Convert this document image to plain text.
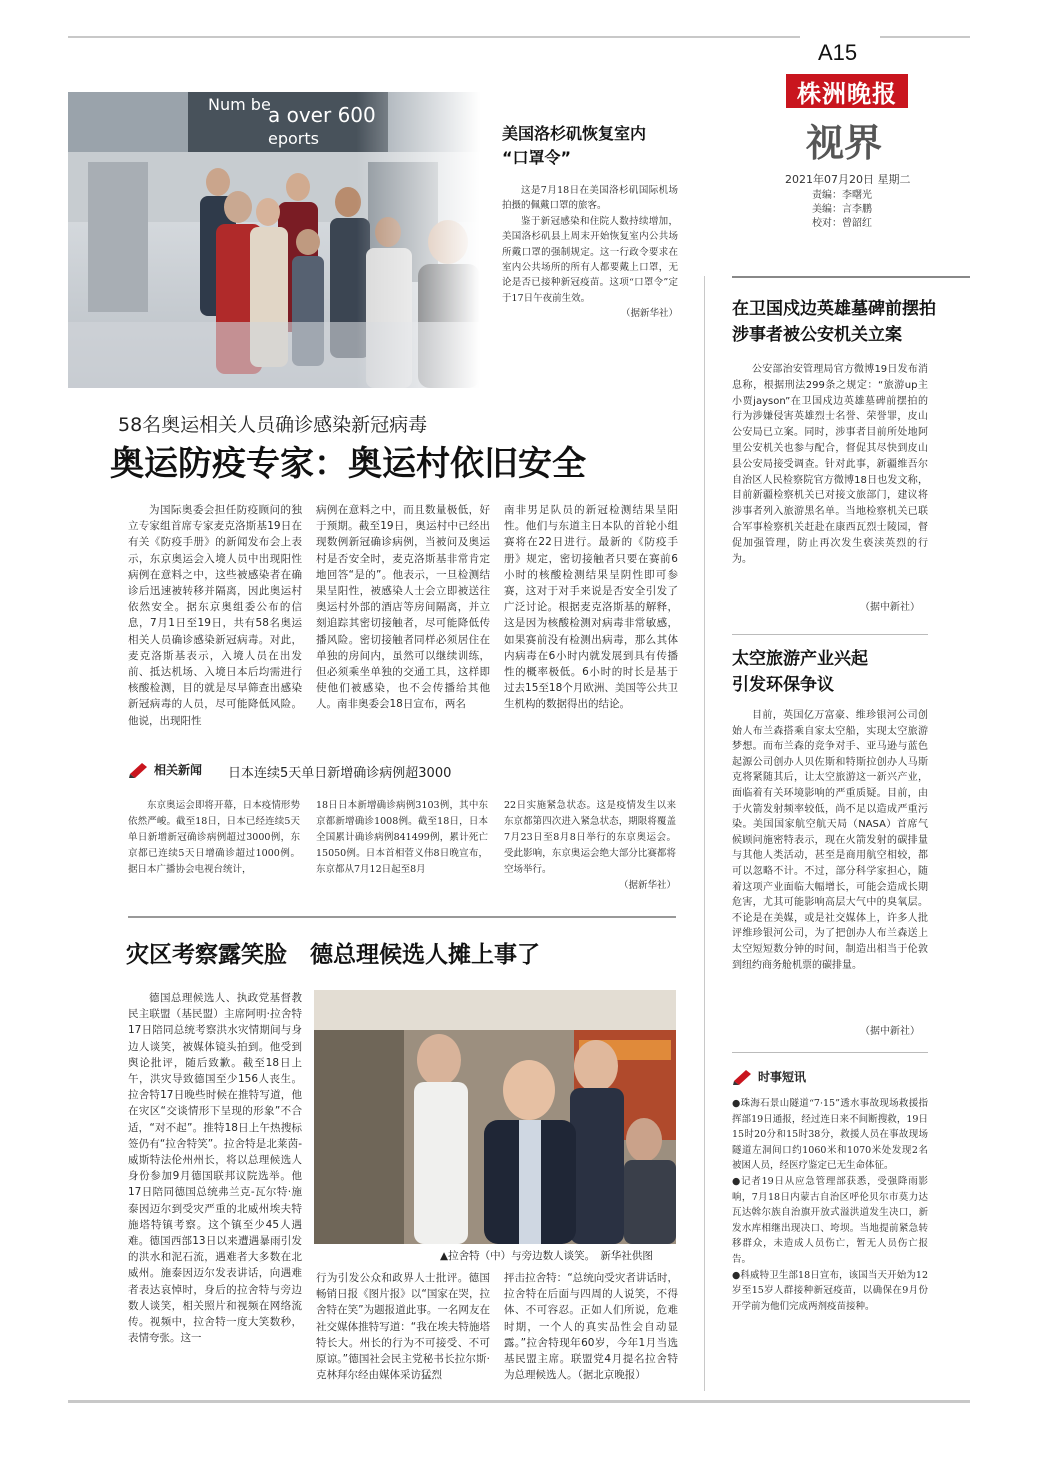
A15
株洲晚报
视界
2021年07月20日 星期二
责编：李曙光
美编：言李鹏
校对：曾韶红
Num be
a over 600
eports	美国洛杉矶恢复室内
“口罩令”

这是7月18日在美国洛杉矶国际机场拍摄的佩戴口罩的旅客。

鉴于新冠感染和住院人数持续增加，美国洛杉矶县上周末开始恢复室内公共场所戴口罩的强制规定。这一行政令要求在室内公共场所的所有人都要戴上口罩，无论是否已接种新冠疫苗。这项“口罩令”定于17日午夜前生效。

（据新华社）
58名奥运相关人员确诊感染新冠病毒
奥运防疫专家：奥运村依旧安全

为国际奥委会担任防疫顾问的独立专家组首席专家麦克洛斯基19日在有关《防疫手册》的新闻发布会上表示，东京奥运会入境人员中出现阳性病例在意料之中，这些被感染者在确诊后迅速被转移并隔离，因此奥运村依然安全。据东京奥组委公布的信息，7月1日至19日，共有58名奥运相关人员确诊感染新冠病毒。对此，麦克洛斯基表示，入境人员在出发前、抵达机场、入境日本后均需进行核酸检测，目的就是尽早筛查出感染新冠病毒的人员，尽可能降低风险。他说，出现阳性

病例在意料之中，而且数量极低，好于预期。截至19日，奥运村中已经出现数例新冠确诊病例，当被问及奥运村是否安全时，麦克洛斯基非常肯定地回答“是的”。他表示，一旦检测结果呈阳性，被感染人士会立即被送往奥运村外部的酒店等房间隔离，并立刻追踪其密切接触者，尽可能降低传播风险。密切接触者同样必须居住在单独的房间内，虽然可以继续训练，但必须乘坐单独的交通工具，这样即使他们被感染，也不会传播给其他人。南非奥委会18日宣布，两名

南非男足队员的新冠检测结果呈阳性。他们与东道主日本队的首轮小组赛将在22日进行。最新的《防疫手册》规定，密切接触者只要在赛前6小时的核酸检测结果呈阴性即可参赛，这对于对手来说是否安全引发了广泛讨论。根据麦克洛斯基的解释，这是因为核酸检测对病毒非常敏感，如果赛前没有检测出病毒，那么其体内病毒在6小时内就发展到具有传播性的概率极低。6小时的时长是基于过去15至18个月欧洲、美国等公共卫生机构的数据得出的结论。

相关新闻 日本连续5天单日新增确诊病例超3000

东京奥运会即将开幕，日本疫情形势依然严峻。截至18日，日本已经连续5天单日新增新冠确诊病例超过3000例，东京都已连续5天日增确诊超过1000例。据日本广播协会电视台统计，

18日日本新增确诊病例3103例，其中东京都新增确诊1008例。截至18日，日本全国累计确诊病例841499例，累计死亡15050例。日本首相菅义伟8日晚宣布，东京都从7月12日起至8月

22日实施紧急状态。这是疫情发生以来东京都第四次进入紧急状态，期限将覆盖7月23日至8月8日举行的东京奥运会。受此影响，东京奥运会绝大部分比赛都将空场举行。

（据新华社）
灾区考察露笑脸　德总理候选人摊上事了

德国总理候选人、执政党基督教民主联盟（基民盟）主席阿明·拉舍特17日陪同总统考察洪水灾情期间与身边人谈笑，被媒体镜头拍到。他受到舆论批评，随后致歉。截至18日上午，洪灾导致德国至少156人丧生。拉舍特17日晚些时候在推特写道，他在灾区“交谈情形下呈现的形象”不合适，“对不起”。推特18日上午热搜标签仍有“拉舍特笑”。拉舍特是北莱茵-威斯特法伦州州长，将以总理候选人身份参加9月德国联邦议院选举。他17日陪同德国总统弗兰克-瓦尔特·施泰因迈尔到受灾严重的北威州埃夫特施塔特镇考察。这个镇至少45人遇难。德国西部13日以来遭遇暴雨引发的洪水和泥石流，遇难者大多数在北威州。施泰因迈尔发表讲话，向遇难者表达哀悼时，身后的拉舍特与旁边数人谈笑，相关照片和视频在网络流传。视频中，拉舍特一度大笑数秒，表情夸张。这一

▲拉舍特（中）与旁边数人谈笑。　新华社供图

行为引发公众和政界人士批评。德国畅销日报《图片报》以“国家在哭，拉舍特在笑”为题报道此事。一名网友在社交媒体推特写道：“我在埃夫特施塔特长大。州长的行为不可接受、不可原谅。”德国社会民主党秘书长拉尔斯·克林拜尔经由媒体采访猛烈

抨击拉舍特：“总统向受灾者讲话时，拉舍特在后面与四周的人说笑，不得体、不可容忍。正如人们所说，危难时期，一个人的真实品性会自动显露。”拉舍特现年60岁，今年1月当选基民盟主席。联盟党4月提名拉舍特为总理候选人。（据北京晚报）

在卫国戍边英雄墓碑前摆拍
涉事者被公安机关立案

公安部治安管理局官方微博19日发布消息称，根据刑法299条之规定：“旅游up主小贾jayson”在卫国戍边英雄墓碑前摆拍的行为涉嫌侵害英雄烈士名誉、荣誉罪，皮山公安局已立案。同时，涉事者目前所处地阿里公安机关也参与配合，督促其尽快到皮山县公安局接受调查。针对此事，新疆维吾尔自治区人民检察院官方微博18日也发文称，目前新疆检察机关已对接文旅部门，建议将涉事者列入旅游黑名单。当地检察机关已联合军事检察机关赶赴在康西瓦烈士陵园，督促加强管理，防止再次发生亵渎英烈的行为。

（据中新社）
太空旅游产业兴起
引发环保争议

目前，英国亿万富豪、维珍银河公司创始人布兰森搭乘自家太空船，实现太空旅游梦想。而布兰森的竞争对手、亚马逊与蓝色起源公司创办人贝佐斯和特斯拉创办人马斯克将紧随其后，让太空旅游这一新兴产业，面临着有关环境影响的严重质疑。目前，由于火箭发射频率较低，尚不足以造成严重污染。美国国家航空航天局（NASA）首席气候顾问施密特表示，现在火箭发射的碳排量与其他人类活动，甚至是商用航空相较，都可以忽略不计。不过，部分科学家担心，随着这项产业面临大幅增长，可能会造成长期危害，尤其可能影响高层大气中的臭氧层。不论是在美媒，或是社交媒体上，许多人批评维珍银河公司，为了把创办人布兰森送上太空短短数分钟的时间，制造出相当于伦敦到纽约商务舱机票的碳排量。

（据中新社）
时事短讯
●珠海石景山隧道“7·15”透水事故现场救援指挥部19日通报，经过连日来不间断搜救，19日15时20分和15时38分，救援人员在事故现场隧道左洞间口约1060米和1070米处发现2名被困人员，经医疗鉴定已无生命体征。
●记者19日从应急管理部获悉，受强降雨影响，7月18日内蒙古自治区呼伦贝尔市莫力达瓦达斡尔族自治旗开放式溢洪道发生决口，新发水库相继出现决口、垮坝。当地提前紧急转移群众，未造成人员伤亡，暂无人员伤亡报告。
●科威特卫生部18日宣布，该国当天开始为12岁至15岁人群接种新冠疫苗，以确保在9月份开学前为他们完成两剂疫苗接种。
